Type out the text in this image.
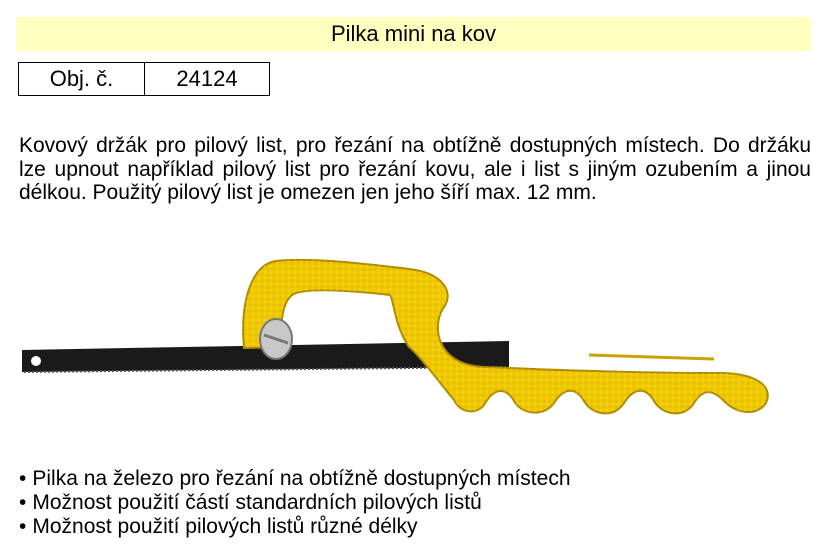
Pilka mini na kov
Obj. č.	24124

Kovový držák pro pilový list, pro řezání na obtížně dostupných místech. Do držáku lze upnout například pilový list pro řezání kovu, ale i list s jiným ozubením a jinou délkou. Použitý pilový list je omezen jen jeho šíří max. 12 mm.

• Pilka na železo pro řezání na obtížně dostupných místech
• Možnost použití částí standardních pilových listů
• Možnost použití pilových listů různé délky
